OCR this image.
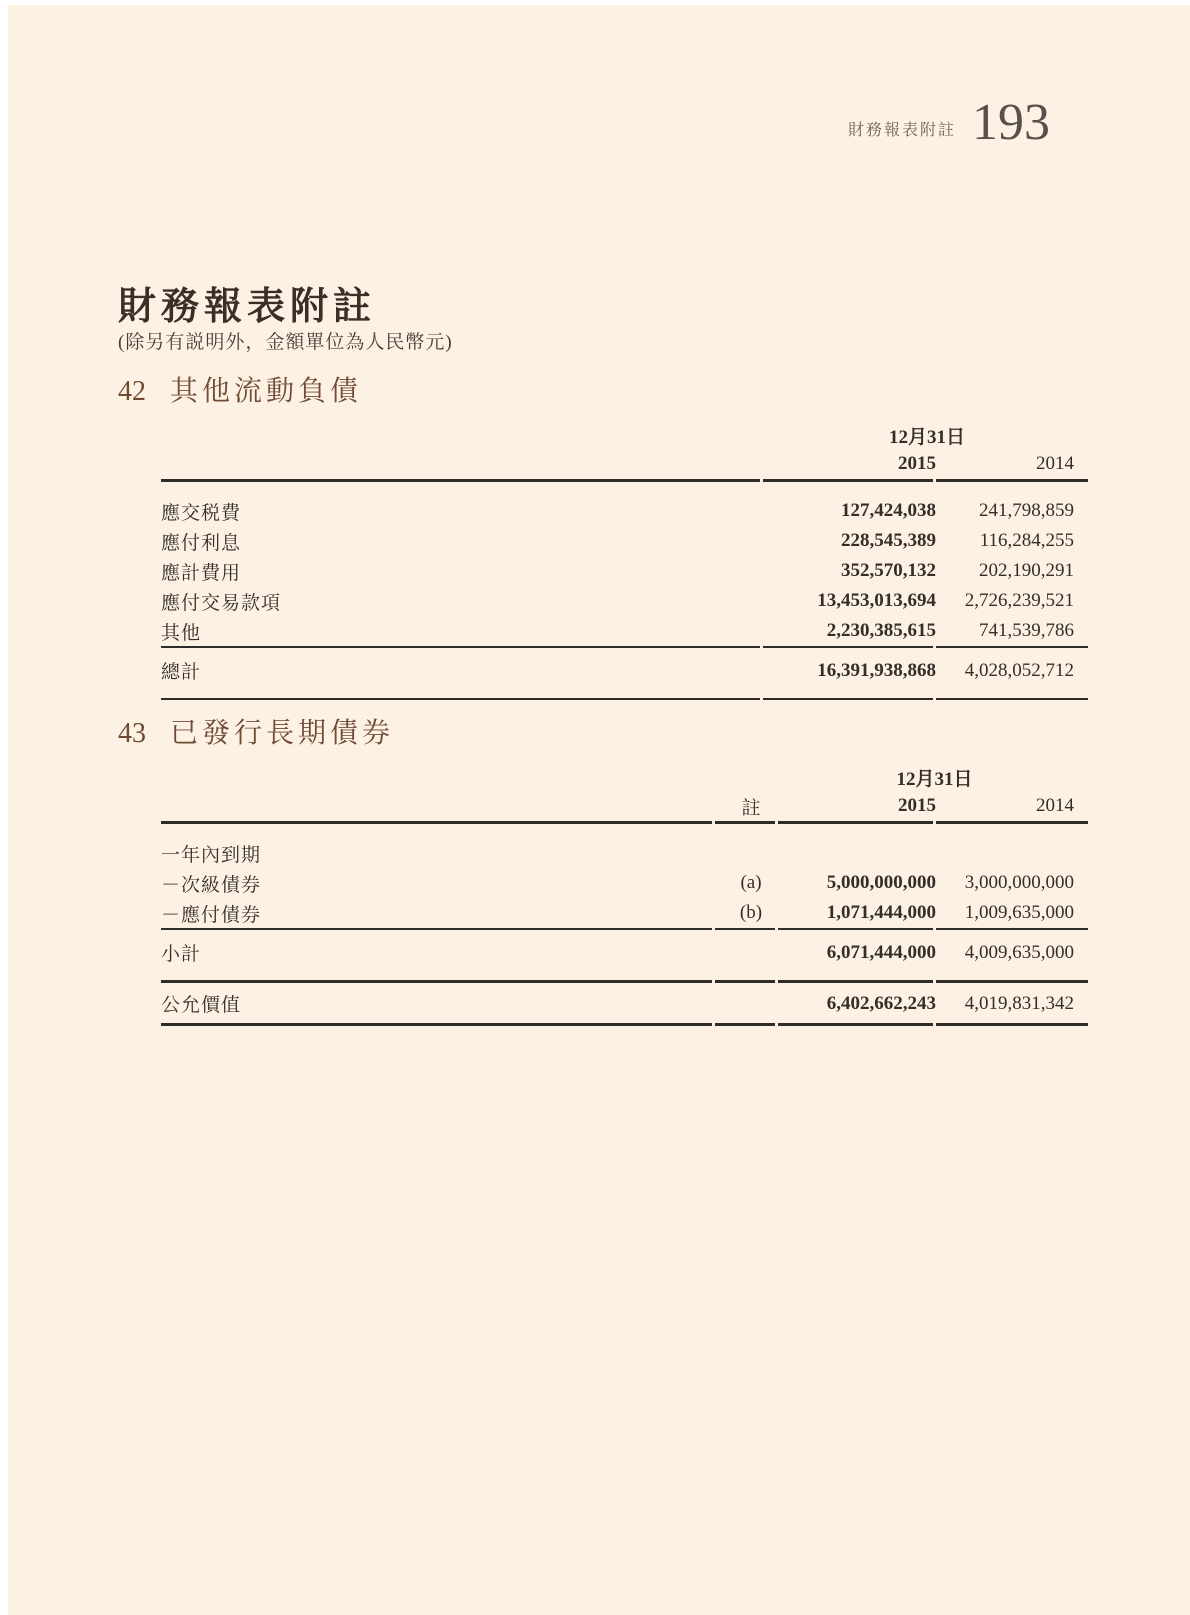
財務報表附註 193
財務報表附註
(除另有説明外，金額單位為人民幣元)
42 其他流動負債
12月31日
2015	2014
應交税費	127,424,038	241,798,859
應付利息	228,545,389	116,284,255
應計費用	352,570,132	202,190,291
應付交易款項	13,453,013,694	2,726,239,521
其他	2,230,385,615	741,539,786
總計	16,391,938,868	4,028,052,712
43 已發行長期債券
12月31日
註	2015	2014
一年內到期
－次級債券	(a)	5,000,000,000	3,000,000,000
－應付債券	(b)	1,071,444,000	1,009,635,000
小計	6,071,444,000	4,009,635,000
公允價值	6,402,662,243	4,019,831,342
